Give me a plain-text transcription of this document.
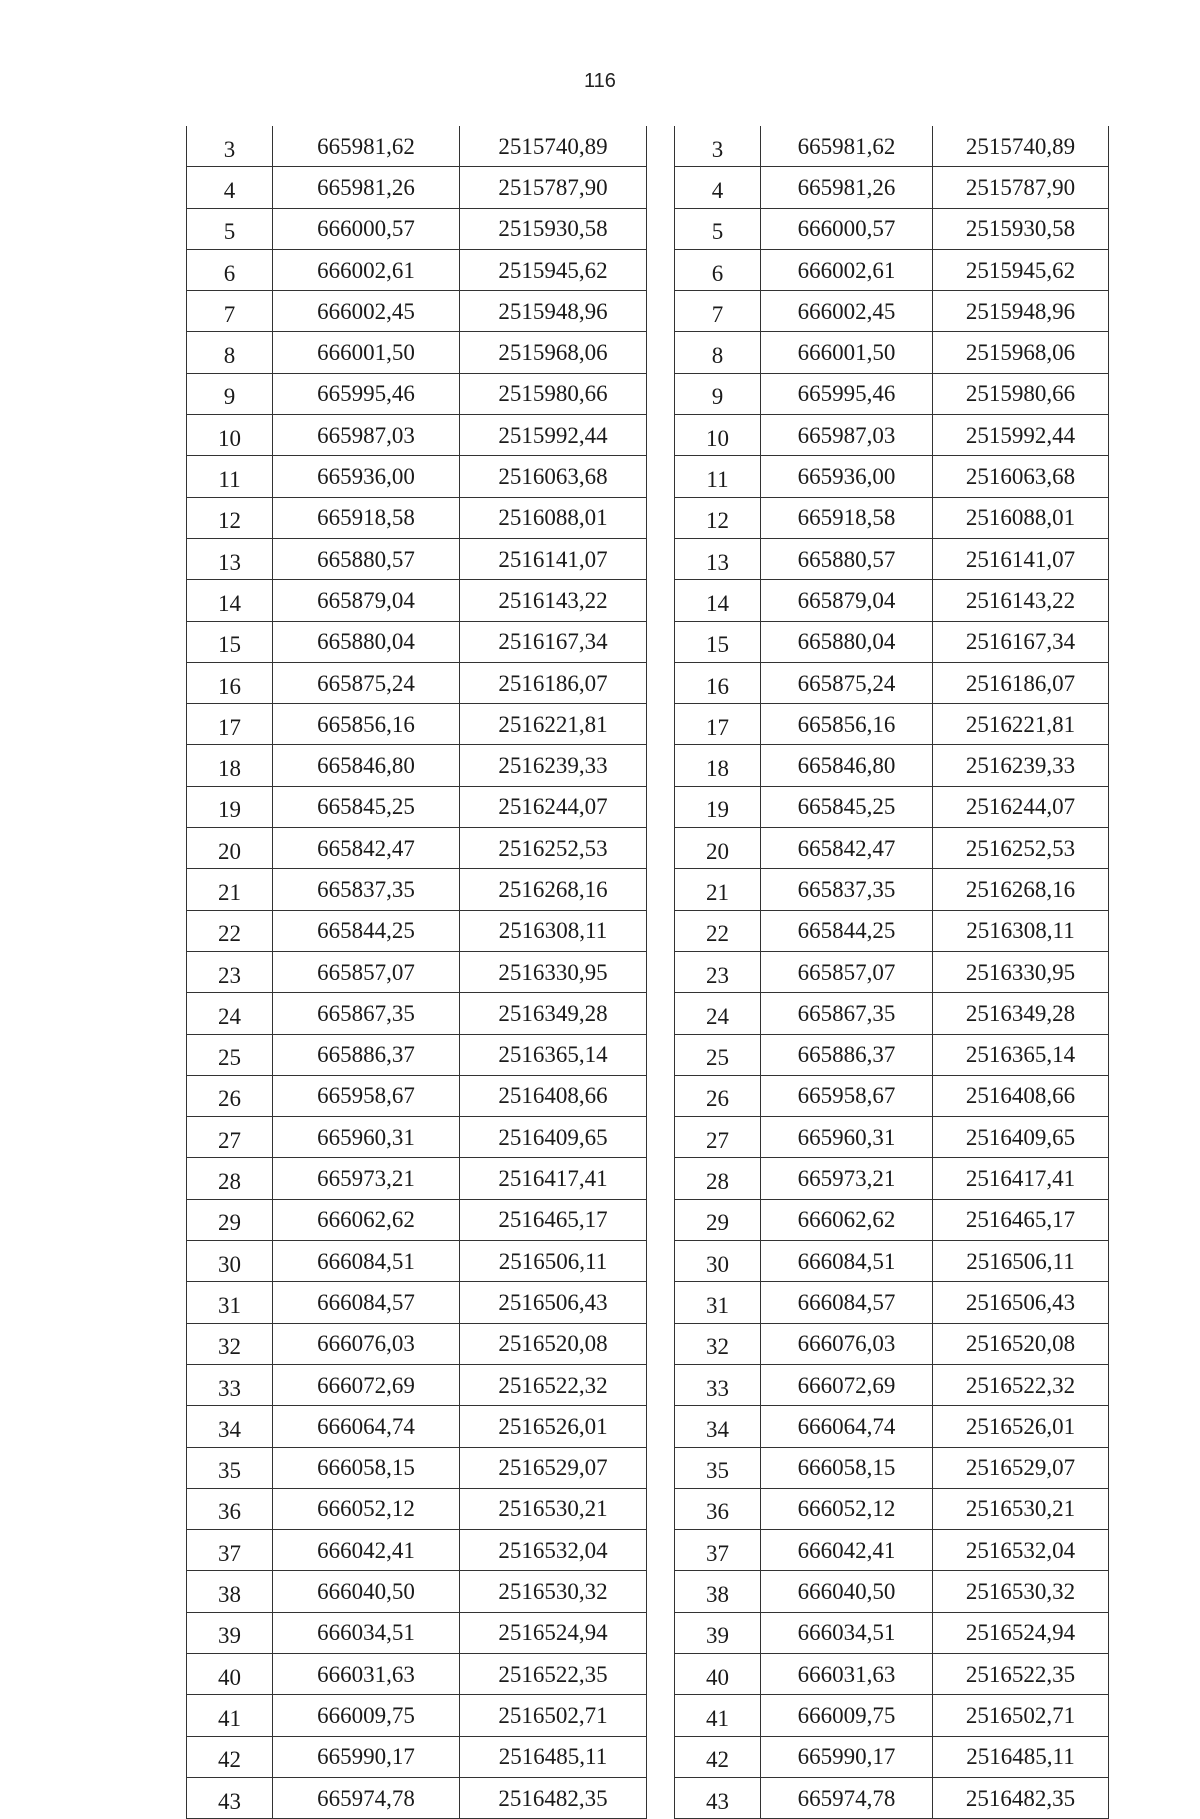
116
3	665981,62	2515740,89
4	665981,26	2515787,90
5	666000,57	2515930,58
6	666002,61	2515945,62
7	666002,45	2515948,96
8	666001,50	2515968,06
9	665995,46	2515980,66
10	665987,03	2515992,44
11	665936,00	2516063,68
12	665918,58	2516088,01
13	665880,57	2516141,07
14	665879,04	2516143,22
15	665880,04	2516167,34
16	665875,24	2516186,07
17	665856,16	2516221,81
18	665846,80	2516239,33
19	665845,25	2516244,07
20	665842,47	2516252,53
21	665837,35	2516268,16
22	665844,25	2516308,11
23	665857,07	2516330,95
24	665867,35	2516349,28
25	665886,37	2516365,14
26	665958,67	2516408,66
27	665960,31	2516409,65
28	665973,21	2516417,41
29	666062,62	2516465,17
30	666084,51	2516506,11
31	666084,57	2516506,43
32	666076,03	2516520,08
33	666072,69	2516522,32
34	666064,74	2516526,01
35	666058,15	2516529,07
36	666052,12	2516530,21
37	666042,41	2516532,04
38	666040,50	2516530,32
39	666034,51	2516524,94
40	666031,63	2516522,35
41	666009,75	2516502,71
42	665990,17	2516485,11
43	665974,78	2516482,35
3	665981,62	2515740,89
4	665981,26	2515787,90
5	666000,57	2515930,58
6	666002,61	2515945,62
7	666002,45	2515948,96
8	666001,50	2515968,06
9	665995,46	2515980,66
10	665987,03	2515992,44
11	665936,00	2516063,68
12	665918,58	2516088,01
13	665880,57	2516141,07
14	665879,04	2516143,22
15	665880,04	2516167,34
16	665875,24	2516186,07
17	665856,16	2516221,81
18	665846,80	2516239,33
19	665845,25	2516244,07
20	665842,47	2516252,53
21	665837,35	2516268,16
22	665844,25	2516308,11
23	665857,07	2516330,95
24	665867,35	2516349,28
25	665886,37	2516365,14
26	665958,67	2516408,66
27	665960,31	2516409,65
28	665973,21	2516417,41
29	666062,62	2516465,17
30	666084,51	2516506,11
31	666084,57	2516506,43
32	666076,03	2516520,08
33	666072,69	2516522,32
34	666064,74	2516526,01
35	666058,15	2516529,07
36	666052,12	2516530,21
37	666042,41	2516532,04
38	666040,50	2516530,32
39	666034,51	2516524,94
40	666031,63	2516522,35
41	666009,75	2516502,71
42	665990,17	2516485,11
43	665974,78	2516482,35
